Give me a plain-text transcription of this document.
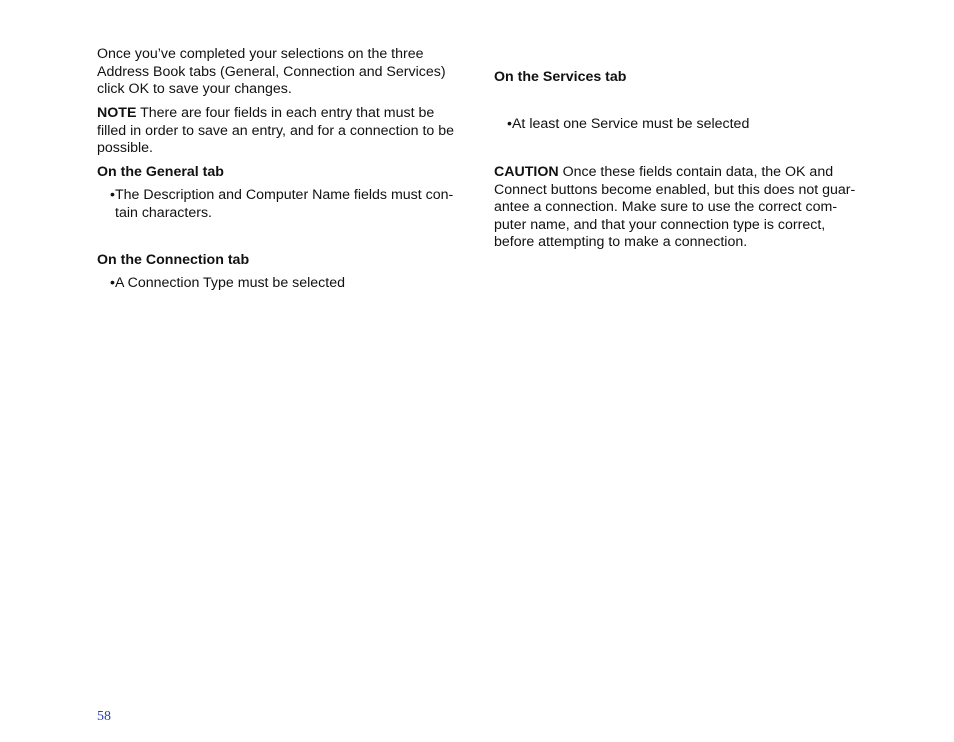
Once you’ve completed your selections on the three
Address Book tabs (General, Connection and Services)
click OK to save your changes.

NOTE There are four fields in each entry that must be
filled in order to save an entry, and for a connection to be
possible.

On the General tab

•The Description and Computer Name fields must con-
tain characters.

On the Connection tab

•A Connection Type must be selected

On the Services tab

•At least one Service must be selected

CAUTION Once these fields contain data, the OK and
Connect buttons become enabled, but this does not guar-
antee a connection. Make sure to use the correct com-
puter name, and that your connection type is correct,
before attempting to make a connection.

58
